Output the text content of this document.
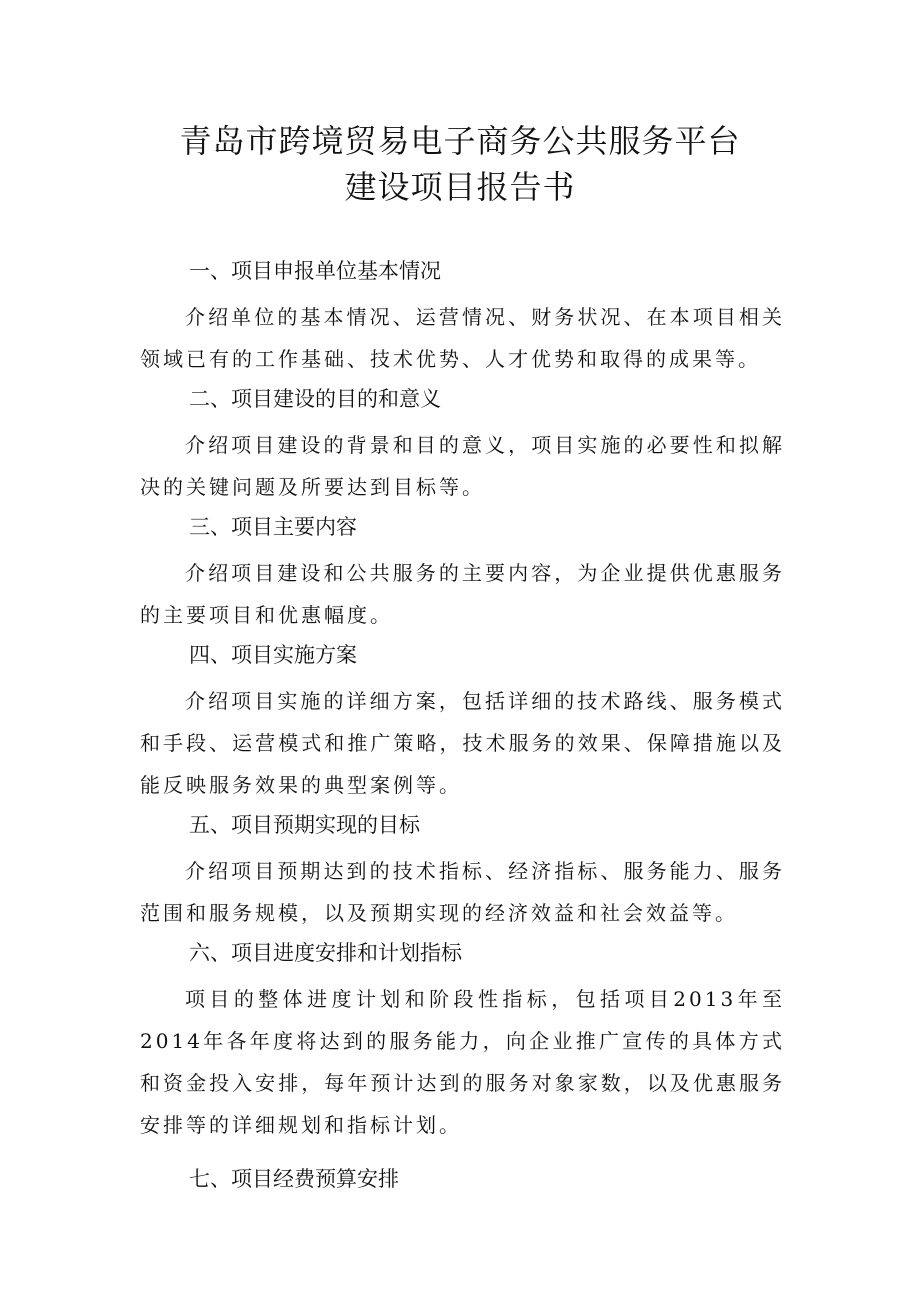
青岛市跨境贸易电子商务公共服务平台
建设项目报告书
一、项目申报单位基本情况

介绍单位的基本情况、运营情况、财务状况、在本项目相关领域已有的工作基础、技术优势、人才优势和取得的成果等。

二、项目建设的目的和意义

介绍项目建设的背景和目的意义，项目实施的必要性和拟解决的关键问题及所要达到目标等。

三、项目主要内容

介绍项目建设和公共服务的主要内容，为企业提供优惠服务的主要项目和优惠幅度。

四、项目实施方案

介绍项目实施的详细方案，包括详细的技术路线、服务模式和手段、运营模式和推广策略，技术服务的效果、保障措施以及能反映服务效果的典型案例等。

五、项目预期实现的目标

介绍项目预期达到的技术指标、经济指标、服务能力、服务范围和服务规模，以及预期实现的经济效益和社会效益等。

六、项目进度安排和计划指标

项目的整体进度计划和阶段性指标，包括项目2013年至2014年各年度将达到的服务能力，向企业推广宣传的具体方式和资金投入安排，每年预计达到的服务对象家数，以及优惠服务安排等的详细规划和指标计划。

七、项目经费预算安排
